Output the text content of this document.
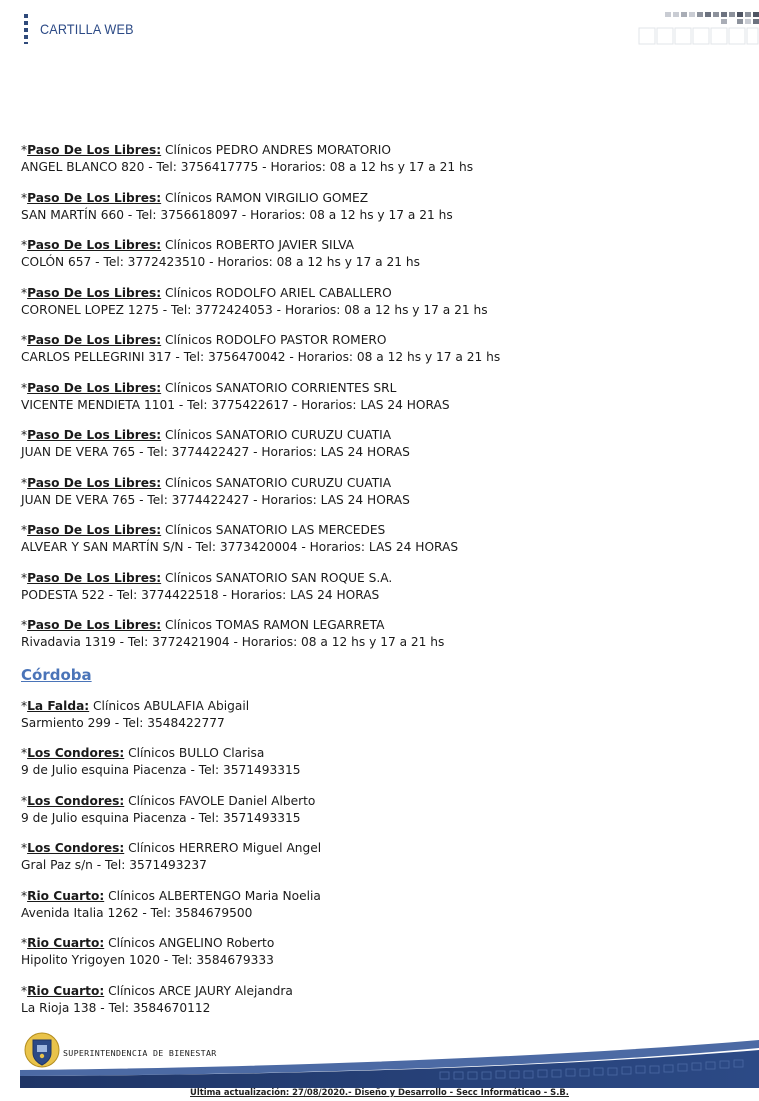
CARTILLA WEB
*Paso De Los Libres: Clínicos PEDRO ANDRES MORATORIO
ANGEL BLANCO 820 - Tel: 3756417775 - Horarios: 08 a 12 hs y 17 a 21 hs
*Paso De Los Libres: Clínicos RAMON VIRGILIO GOMEZ
SAN MARTÍN 660 - Tel: 3756618097 - Horarios: 08 a 12 hs y 17 a 21 hs
*Paso De Los Libres: Clínicos ROBERTO JAVIER SILVA
COLÓN 657 - Tel: 3772423510 - Horarios: 08 a 12 hs y 17 a 21 hs
*Paso De Los Libres: Clínicos RODOLFO ARIEL CABALLERO
CORONEL LOPEZ 1275 - Tel: 3772424053 - Horarios: 08 a 12 hs y 17 a 21 hs
*Paso De Los Libres: Clínicos RODOLFO PASTOR ROMERO
CARLOS PELLEGRINI 317 - Tel: 3756470042 - Horarios: 08 a 12 hs y 17 a 21 hs
*Paso De Los Libres: Clínicos SANATORIO CORRIENTES SRL
VICENTE MENDIETA 1101 - Tel: 3775422617 - Horarios: LAS 24 HORAS
*Paso De Los Libres: Clínicos SANATORIO CURUZU CUATIA
JUAN DE VERA 765 - Tel: 3774422427 - Horarios: LAS 24 HORAS
*Paso De Los Libres: Clínicos SANATORIO CURUZU CUATIA
JUAN DE VERA 765 - Tel: 3774422427 - Horarios: LAS 24 HORAS
*Paso De Los Libres: Clínicos SANATORIO LAS MERCEDES
ALVEAR Y SAN MARTÍN S/N - Tel: 3773420004 - Horarios: LAS 24 HORAS
*Paso De Los Libres: Clínicos SANATORIO SAN ROQUE S.A.
PODESTA 522 - Tel: 3774422518 - Horarios: LAS 24 HORAS
*Paso De Los Libres: Clínicos TOMAS RAMON LEGARRETA
Rivadavia 1319 - Tel: 3772421904 - Horarios: 08 a 12 hs y 17 a 21 hs
Córdoba
*La Falda: Clínicos ABULAFIA Abigail
Sarmiento 299 - Tel: 3548422777
*Los Condores: Clínicos BULLO Clarisa
9 de Julio esquina Piacenza - Tel: 3571493315
*Los Condores: Clínicos FAVOLE Daniel Alberto
9 de Julio esquina Piacenza - Tel: 3571493315
*Los Condores: Clínicos HERRERO Miguel Angel
Gral Paz s/n - Tel: 3571493237
*Rio Cuarto: Clínicos ALBERTENGO Maria Noelia
Avenida Italia 1262 - Tel: 3584679500
*Rio Cuarto: Clínicos ANGELINO Roberto
Hipolito Yrigoyen 1020 - Tel: 3584679333
*Rio Cuarto: Clínicos ARCE JAURY Alejandra
La Rioja 138 - Tel: 3584670112
SUPERINTENDENCIA DE BIENESTAR
Ultima actualización: 27/08/2020.- Diseño y Desarrollo - Secc Informáticao - S.B.
